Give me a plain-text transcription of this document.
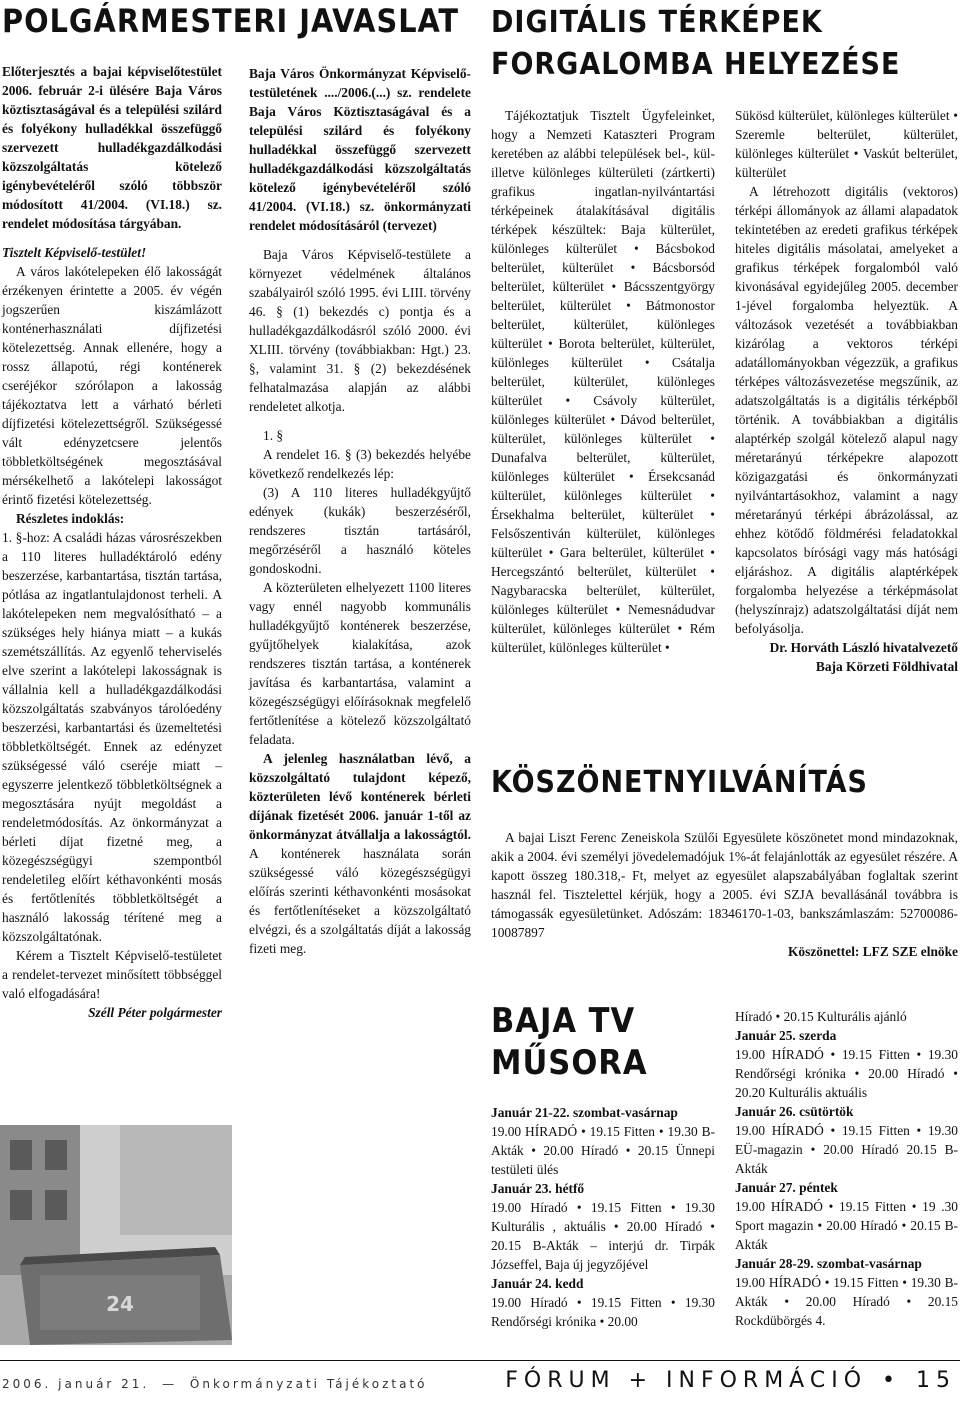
POLGÁRMESTERI JAVASLAT

Előterjesztés a bajai képviselőtestület 2006. február 2-i ülésére Baja Város köztisztaságával és a települési szilárd és folyékony hulladékkal összefüggő szervezett hulladékgazdálkodási közszolgáltatás kötelező igénybevételéről szóló többször módosított 41/2004. (VI.18.) sz. rendelet módosítása tárgyában.

Tisztelt Képviselő-testület!

A város lakótelepeken élő lakosságát érzékenyen érintette a 2005. év végén jogszerűen kiszámlázott konténerhasználati díjfizetési kötelezettség. Annak ellenére, hogy a rossz állapotú, régi konténerek cseréjékor szórólapon a lakosság tájékoztatva lett a várható bérleti díjfizetési kötelezettségről. Szükségessé vált edényzetcsere jelentős többletköltségének megosztásával mérsékelhető a lakótelepi lakosságot érintő fizetési kötelezettség.

Részletes indoklás:

1. §-hoz: A családi házas városrészekben a 110 literes hulladéktároló edény beszerzése, karbantartása, tisztán tartása, pótlása az ingatlantulajdonost terheli. A lakótelepeken nem megvalósítható – a szükséges hely hiánya miatt – a kukás szemétszállítás. Az egyenlő teherviselés elve szerint a lakótelepi lakosságnak is vállalnia kell a hulladékgazdálkodási közszolgáltatás szabványos tárolóedény beszerzési, karbantartási és üzemeltetési többletköltségét. Ennek az edényzet szükségessé váló cseréje miatt – egyszerre jelentkező többletköltségnek a megosztására nyújt megoldást a rendeletmódosítás. Az önkormányzat a bérleti díjat fizetné meg, a közegészségügyi szempontból rendeletileg előírt kéthavonkénti mosás és fertőtlenítés többletköltségét a használó lakosság térítené meg a közszolgáltatónak.

Kérem a Tisztelt Képviselő-testületet a rendelet-tervezet minősített többséggel való elfogadására!

Széll Péter polgármester

24

Baja Város Önkormányzat Képviselő-testületének ..../2006.(...) sz. rendelete Baja Város Köztisztaságával és a települési szilárd és folyékony hulladékkal összefüggő szervezett hulladékgazdálkodási közszolgáltatás kötelező igénybevételéről szóló 41/2004. (VI.18.) sz. önkormányzati rendelet módosításáról (tervezet)

Baja Város Képviselő-testülete a környezet védelmének általános szabályairól szóló 1995. évi LIII. törvény 46. § (1) bekezdés c) pontja és a hulladékgazdálkodásról szóló 2000. évi XLIII. törvény (továbbiakban: Hgt.) 23. §, valamint 31. § (2) bekezdésének felhatalmazása alapján az alábbi rendeletet alkotja.

1. §

A rendelet 16. § (3) bekezdés helyébe következő rendelkezés lép:

(3) A 110 literes hulladékgyűjtő edények (kukák) beszerzéséről, rendszeres tisztán tartásáról, megőrzéséről a használó köteles gondoskodni.

A közterületen elhelyezett 1100 literes vagy ennél nagyobb kommunális hulladékgyűjtő konténerek beszerzése, gyűjtőhelyek kialakítása, azok rendszeres tisztán tartása, a konténerek javítása és karbantartása, valamint a közegészségügyi előírásoknak megfelelő fertőtlenítése a kötelező közszolgáltató feladata.

A jelenleg használatban lévő, a közszolgáltató tulajdont képező, közterületen lévő konténerek bérleti díjának fizetését 2006. január 1-től az önkormányzat átvállalja a lakosságtól. A konténerek használata során szükségessé váló közegészségügyi előírás szerinti kéthavonkénti mosásokat és fertőtlenítéseket a közszolgáltató elvégzi, és a szolgáltatás díját a lakosság fizeti meg.

DIGITÁLIS TÉRKÉPEK
FORGALOMBA HELYEZÉSE

Tájékoztatjuk Tisztelt Ügyfeleinket, hogy a Nemzeti Kataszteri Program keretében az alábbi települések bel-, kül- illetve különleges külterületi (zártkerti) grafikus ingatlan-nyilvántartási térképeinek átalakításával digitális térképek készültek: Baja külterület, különleges külterület • Bácsbokod belterület, külterület • Bácsborsód belterület, külterület • Bácsszentgyörgy belterület, külterület • Bátmonostor belterület, külterület, különleges külterület • Borota belterület, külterület, különleges külterület • Csátalja belterület, külterület, különleges külterület • Csávoly külterület, különleges külterület • Dávod belterület, külterület, különleges külterület • Dunafalva belterület, külterület, különleges külterület • Érsekcsanád külterület, különleges külterület • Érsekhalma belterület, külterület • Felsőszentiván külterület, különleges külterület • Gara belterület, külterület • Hercegszántó belterület, külterület • Nagybaracska belterület, külterület, különleges külterület • Nemesnádudvar külterület, különleges külterület • Rém külterület, különleges külterület •

Sükösd külterület, különleges külterület • Szeremle belterület, külterület, különleges külterület • Vaskút belterület, külterület

A létrehozott digitális (vektoros) térképi állományok az állami alapadatok tekintetében az eredeti grafikus térképek hiteles digitális másolatai, amelyeket a grafikus térképek forgalomból való kivonásával egyidejűleg 2005. december 1-jével forgalomba helyeztük. A változások vezetését a továbbiakban kizárólag a vektoros térképi adatállományokban végezzük, a grafikus térképes változásvezetése megszűnik, az adatszolgáltatás is a digitális térképből történik. A továbbiakban a digitális alaptérkép szolgál kötelező alapul nagy méretarányú térképekre alapozott közigazgatási és önkormányzati nyilvántartásokhoz, valamint a nagy méretarányú térképi ábrázolással, az ehhez kötődő földmérési feladatokkal kapcsolatos bírósági vagy más hatósági eljáráshoz. A digitális alaptérképek forgalomba helyezése a térképmásolat (helyszínrajz) adatszolgáltatási díját nem befolyásolja.

Dr. Horváth László hivatalvezető

Baja Körzeti Földhivatal

KÖSZÖNETNYILVÁNÍTÁS

A bajai Liszt Ferenc Zeneiskola Szülői Egyesülete köszönetet mond mindazoknak, akik a 2004. évi személyi jövedelemadójuk 1%-át felajánlották az egyesület részére. A kapott összeg 180.318,- Ft, melyet az egyesület alapszabályában foglaltak szerint használ fel. Tisztelettel kérjük, hogy a 2005. évi SZJA bevallásánál továbbra is támogassák egyesületünket. Adószám: 18346170-1-03, bankszámlaszám: 52700086-10087897

Köszönettel: LFZ SZE elnöke

BAJA TV
MŰSORA

Január 21-22. szombat-vasárnap

19.00 HÍRADÓ • 19.15 Fitten • 19.30 B-Akták • 20.00 Híradó • 20.15 Ünnepi testületi ülés

Január 23. hétfő

19.00 Híradó • 19.15 Fitten • 19.30 Kulturális , aktuális • 20.00 Híradó • 20.15 B-Akták – interjú dr. Tirpák Józseffel, Baja új jegyzőjével

Január 24. kedd

19.00 Híradó • 19.15 Fitten • 19.30 Rendőrségi krónika • 20.00

Híradó • 20.15 Kulturális ajánló

Január 25. szerda

19.00 HÍRADÓ • 19.15 Fitten • 19.30 Rendőrségi krónika • 20.00 Híradó • 20.20 Kulturális aktuális

Január 26. csütörtök

19.00 HÍRADÓ • 19.15 Fitten • 19.30 EÜ-magazin • 20.00 Híradó 20.15 B-Akták

Január 27. péntek

19.00 HÍRADÓ • 19.15 Fitten • 19 .30 Sport magazin • 20.00 Híradó • 20.15 B-Akták

Január 28-29. szombat-vasárnap

19.00 HÍRADÓ • 19.15 Fitten • 19.30 B-Akták • 20.00 Híradó • 20.15 Rockdübörgés 4.

2006. január 21. — Önkormányzati Tájékoztató	FÓRUM + INFORMÁCIÓ • 15
